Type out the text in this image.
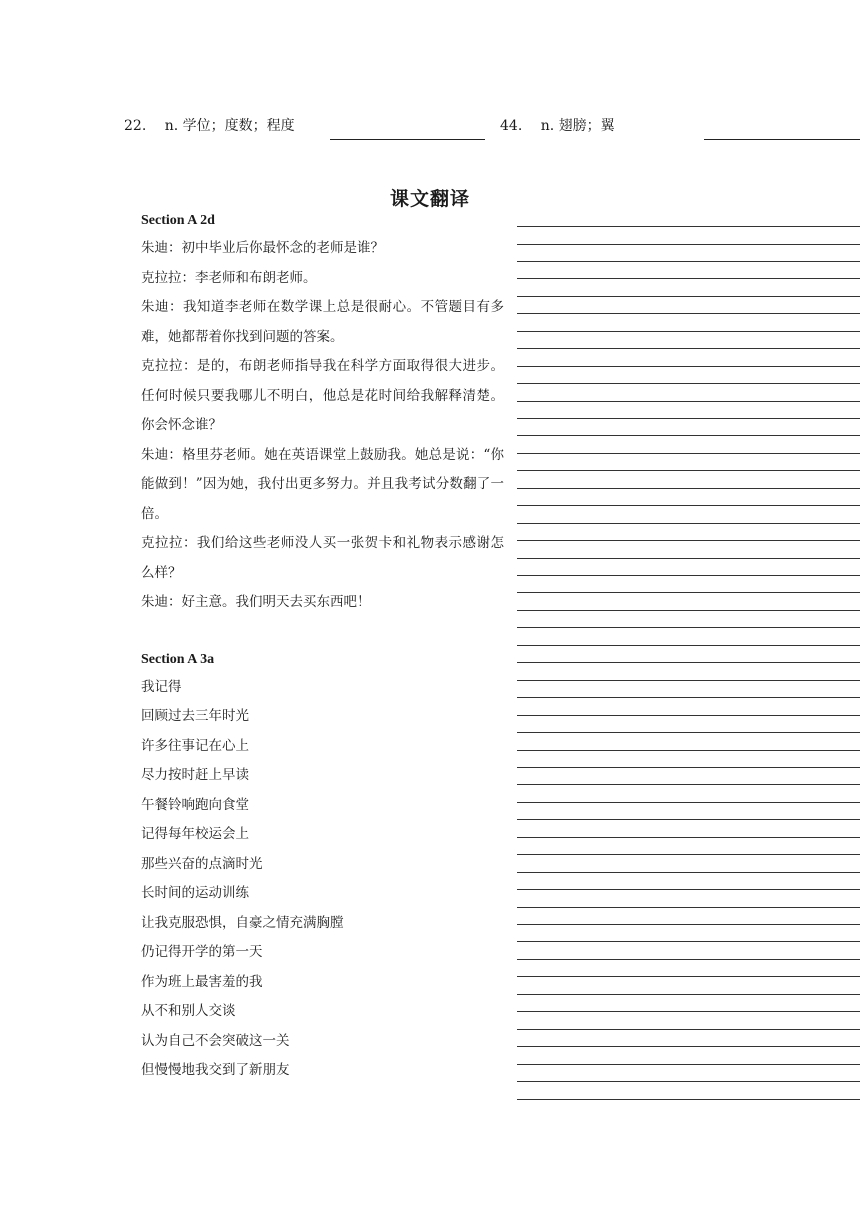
22. n. 学位；度数；程度	44. n. 翅膀；翼
课文翻译
Section A 2d

朱迪：初中毕业后你最怀念的老师是谁？

克拉拉：李老师和布朗老师。

朱迪：我知道李老师在数学课上总是很耐心。不管题目有多难，她都帮着你找到问题的答案。

克拉拉：是的，布朗老师指导我在科学方面取得很大进步。任何时候只要我哪儿不明白，他总是花时间给我解释清楚。你会怀念谁？

朱迪：格里芬老师。她在英语课堂上鼓励我。她总是说：“你能做到！”因为她，我付出更多努力。并且我考试分数翻了一倍。

克拉拉：我们给这些老师没人买一张贺卡和礼物表示感谢怎么样？

朱迪：好主意。我们明天去买东西吧！

Section A 3a

我记得

回顾过去三年时光

许多往事记在心上

尽力按时赶上早读

午餐铃响跑向食堂

记得每年校运会上

那些兴奋的点滴时光

长时间的运动训练

让我克服恐惧，自豪之情充满胸膛

仍记得开学的第一天

作为班上最害羞的我

从不和别人交谈

认为自己不会突破这一关

但慢慢地我交到了新朋友
